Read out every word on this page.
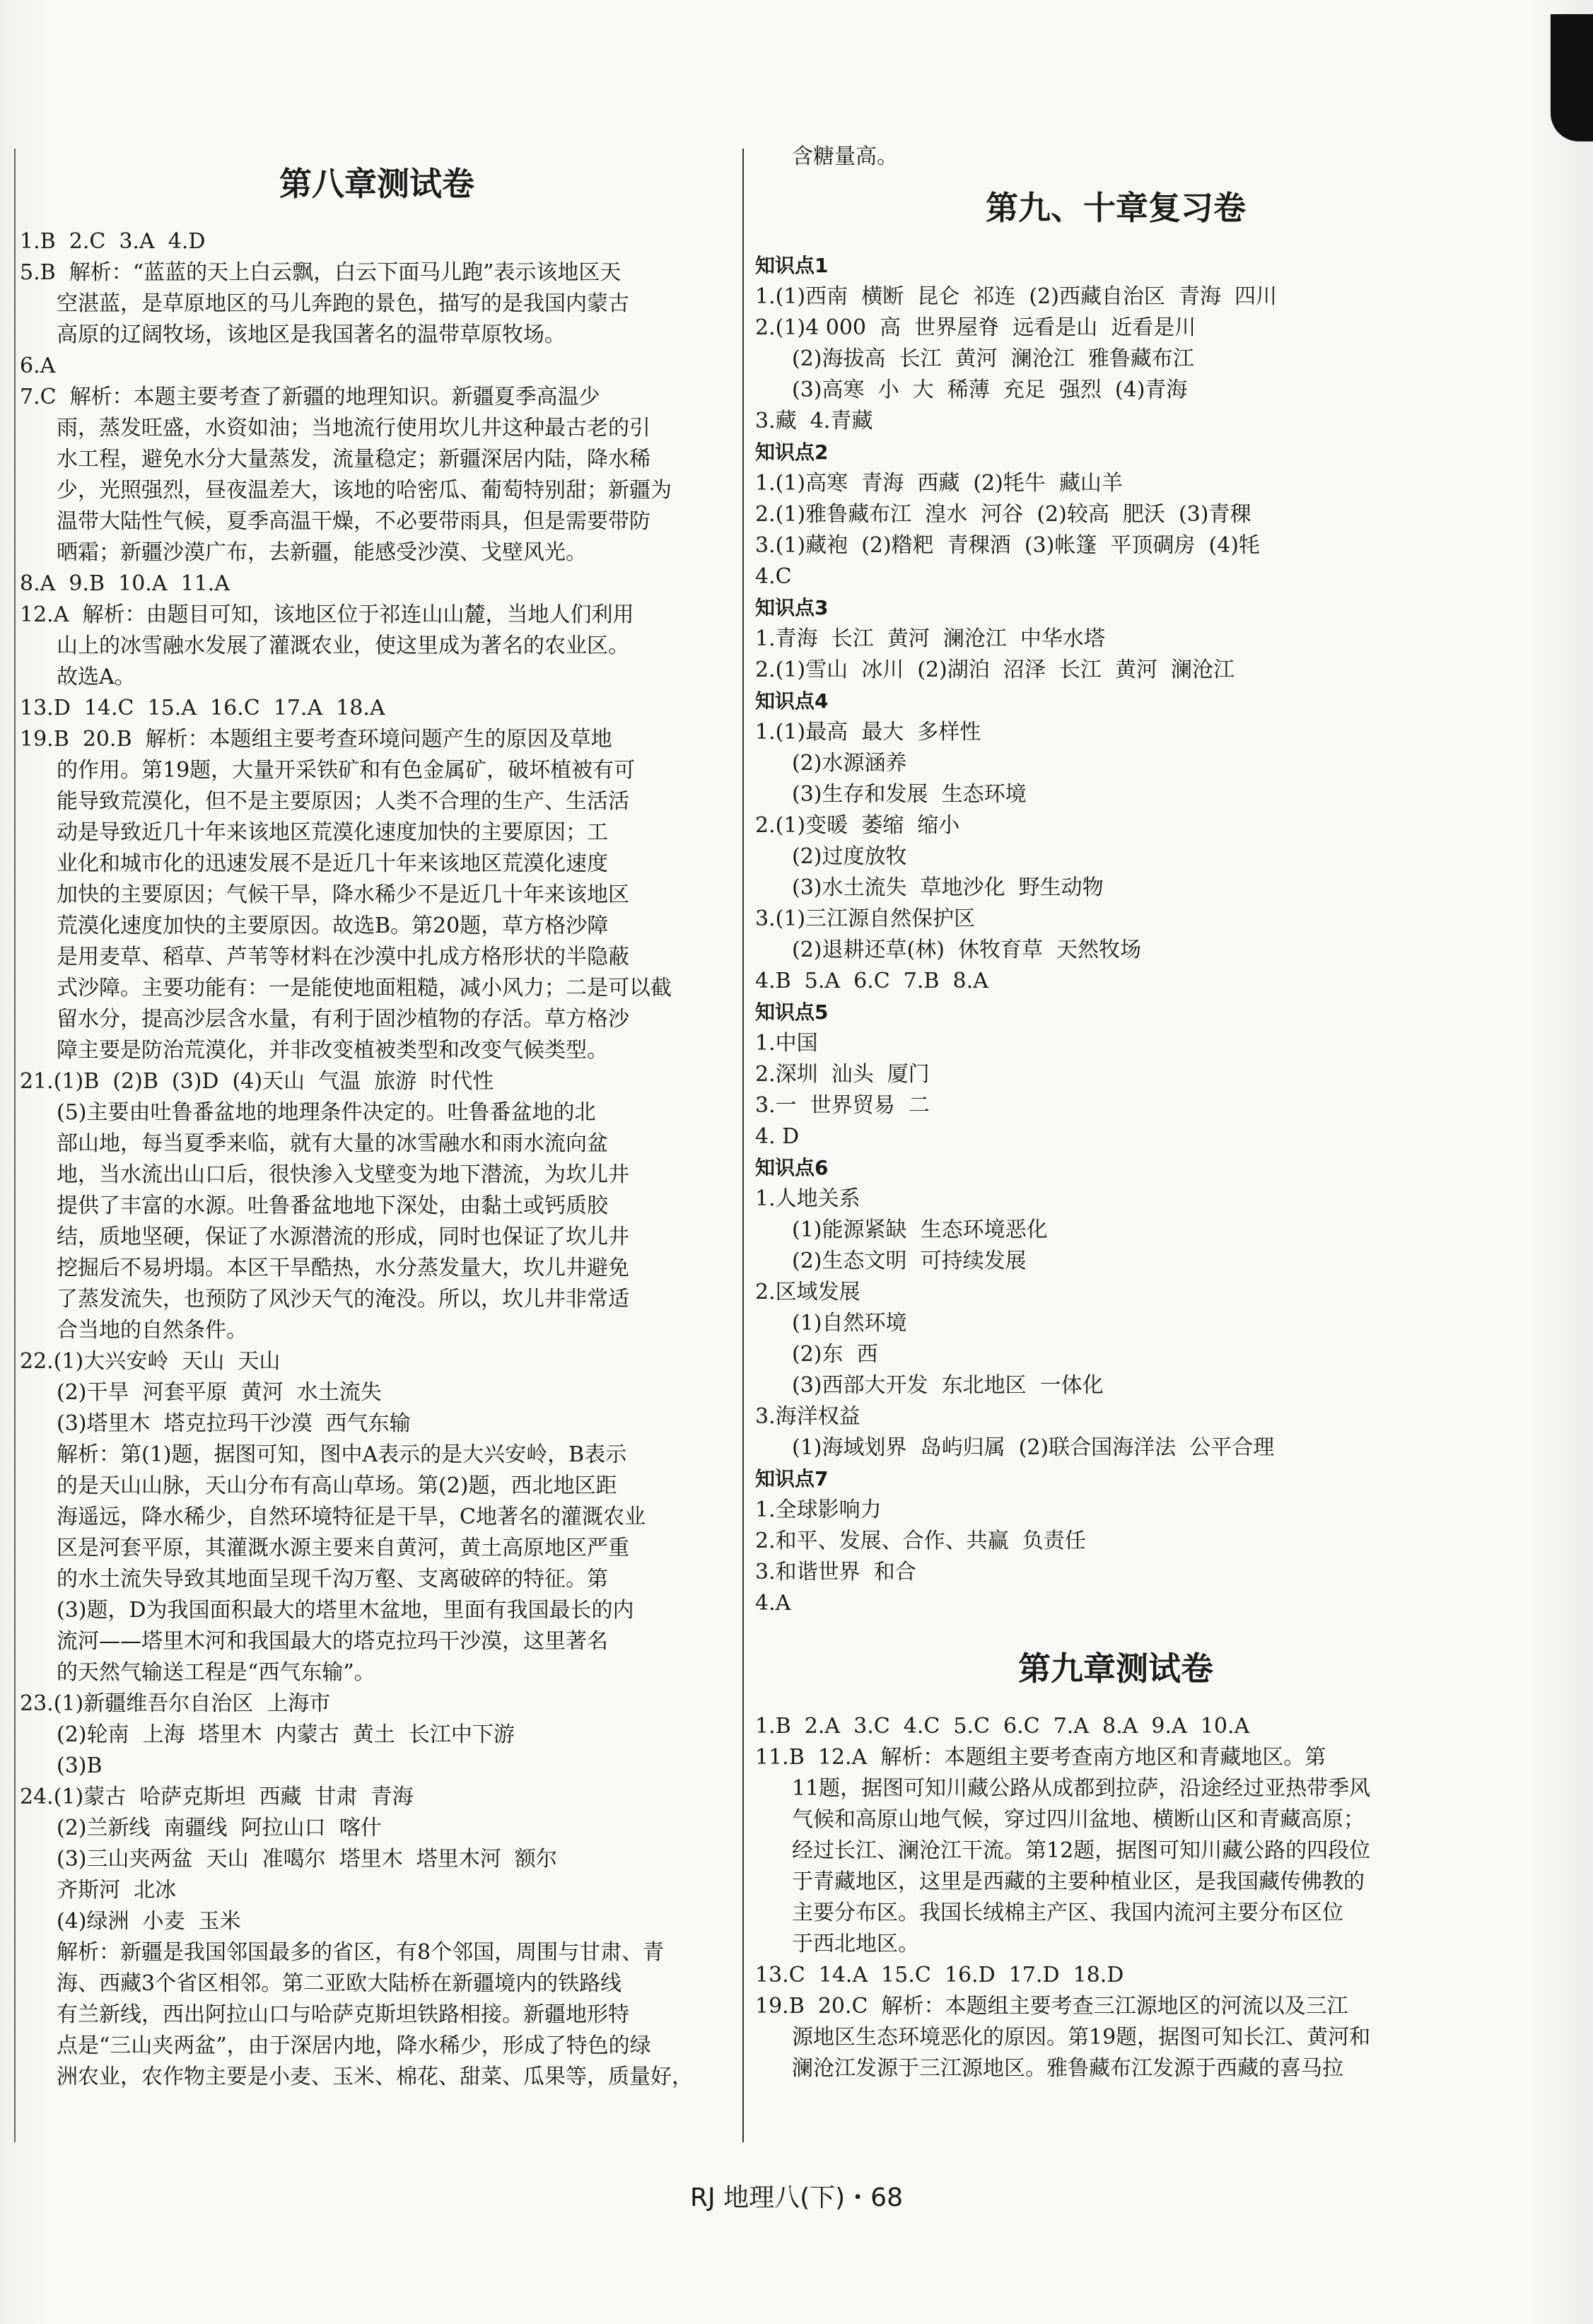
第八章测试卷
1.B  2.C  3.A  4.D
5.B  解析：“蓝蓝的天上白云飘，白云下面马儿跑”表示该地区天
空湛蓝，是草原地区的马儿奔跑的景色，描写的是我国内蒙古
高原的辽阔牧场，该地区是我国著名的温带草原牧场。
6.A
7.C  解析：本题主要考查了新疆的地理知识。新疆夏季高温少
雨，蒸发旺盛，水资如油；当地流行使用坎儿井这种最古老的引
水工程，避免水分大量蒸发，流量稳定；新疆深居内陆，降水稀
少，光照强烈，昼夜温差大，该地的哈密瓜、葡萄特别甜；新疆为
温带大陆性气候，夏季高温干燥，不必要带雨具，但是需要带防
晒霜；新疆沙漠广布，去新疆，能感受沙漠、戈壁风光。
8.A  9.B  10.A  11.A
12.A  解析：由题目可知，该地区位于祁连山山麓，当地人们利用
山上的冰雪融水发展了灌溉农业，使这里成为著名的农业区。
故选A。
13.D  14.C  15.A  16.C  17.A  18.A
19.B  20.B  解析：本题组主要考查环境问题产生的原因及草地
的作用。第19题，大量开采铁矿和有色金属矿，破坏植被有可
能导致荒漠化，但不是主要原因；人类不合理的生产、生活活
动是导致近几十年来该地区荒漠化速度加快的主要原因；工
业化和城市化的迅速发展不是近几十年来该地区荒漠化速度
加快的主要原因；气候干旱，降水稀少不是近几十年来该地区
荒漠化速度加快的主要原因。故选B。第20题，草方格沙障
是用麦草、稻草、芦苇等材料在沙漠中扎成方格形状的半隐蔽
式沙障。主要功能有：一是能使地面粗糙，减小风力；二是可以截
留水分，提高沙层含水量，有利于固沙植物的存活。草方格沙
障主要是防治荒漠化，并非改变植被类型和改变气候类型。
21.(1)B  (2)B  (3)D  (4)天山  气温  旅游  时代性
(5)主要由吐鲁番盆地的地理条件决定的。吐鲁番盆地的北
部山地，每当夏季来临，就有大量的冰雪融水和雨水流向盆
地，当水流出山口后，很快渗入戈壁变为地下潜流，为坎儿井
提供了丰富的水源。吐鲁番盆地地下深处，由黏土或钙质胶
结，质地坚硬，保证了水源潜流的形成，同时也保证了坎儿井
挖掘后不易坍塌。本区干旱酷热，水分蒸发量大，坎儿井避免
了蒸发流失，也预防了风沙天气的淹没。所以，坎儿井非常适
合当地的自然条件。
22.(1)大兴安岭  天山  天山
(2)干旱  河套平原  黄河  水土流失
(3)塔里木  塔克拉玛干沙漠  西气东输
解析：第(1)题，据图可知，图中A表示的是大兴安岭，B表示
的是天山山脉，天山分布有高山草场。第(2)题，西北地区距
海遥远，降水稀少，自然环境特征是干旱，C地著名的灌溉农业
区是河套平原，其灌溉水源主要来自黄河，黄土高原地区严重
的水土流失导致其地面呈现千沟万壑、支离破碎的特征。第
(3)题，D为我国面积最大的塔里木盆地，里面有我国最长的内
流河——塔里木河和我国最大的塔克拉玛干沙漠，这里著名
的天然气输送工程是“西气东输”。
23.(1)新疆维吾尔自治区  上海市
(2)轮南  上海  塔里木  内蒙古  黄土  长江中下游
(3)B
24.(1)蒙古  哈萨克斯坦  西藏  甘肃  青海
(2)兰新线  南疆线  阿拉山口  喀什
(3)三山夹两盆  天山  准噶尔  塔里木  塔里木河  额尔
齐斯河  北冰
(4)绿洲  小麦  玉米
解析：新疆是我国邻国最多的省区，有8个邻国，周围与甘肃、青
海、西藏3个省区相邻。第二亚欧大陆桥在新疆境内的铁路线
有兰新线，西出阿拉山口与哈萨克斯坦铁路相接。新疆地形特
点是“三山夹两盆”，由于深居内地，降水稀少，形成了特色的绿
洲农业，农作物主要是小麦、玉米、棉花、甜菜、瓜果等，质量好，
含糖量高。
第九、十章复习卷
知识点1
1.(1)西南  横断  昆仑  祁连  (2)西藏自治区  青海  四川
2.(1)4 000  高  世界屋脊  远看是山  近看是川
(2)海拔高  长江  黄河  澜沧江  雅鲁藏布江
(3)高寒  小  大  稀薄  充足  强烈  (4)青海
3.藏  4.青藏
知识点2
1.(1)高寒  青海  西藏  (2)牦牛  藏山羊
2.(1)雅鲁藏布江  湟水  河谷  (2)较高  肥沃  (3)青稞
3.(1)藏袍  (2)糌粑  青稞酒  (3)帐篷  平顶碉房  (4)牦
4.C
知识点3
1.青海  长江  黄河  澜沧江  中华水塔
2.(1)雪山  冰川  (2)湖泊  沼泽  长江  黄河  澜沧江
知识点4
1.(1)最高  最大  多样性
(2)水源涵养
(3)生存和发展  生态环境
2.(1)变暖  萎缩  缩小
(2)过度放牧
(3)水土流失  草地沙化  野生动物
3.(1)三江源自然保护区
(2)退耕还草(林)  休牧育草  天然牧场
4.B  5.A  6.C  7.B  8.A
知识点5
1.中国
2.深圳  汕头  厦门
3.一  世界贸易  二
4. D
知识点6
1.人地关系
(1)能源紧缺  生态环境恶化
(2)生态文明  可持续发展
2.区域发展
(1)自然环境
(2)东  西
(3)西部大开发  东北地区  一体化
3.海洋权益
(1)海域划界  岛屿归属  (2)联合国海洋法  公平合理
知识点7
1.全球影响力
2.和平、发展、合作、共赢  负责任
3.和谐世界  和合
4.A
第九章测试卷
1.B  2.A  3.C  4.C  5.C  6.C  7.A  8.A  9.A  10.A
11.B  12.A  解析：本题组主要考查南方地区和青藏地区。第
11题，据图可知川藏公路从成都到拉萨，沿途经过亚热带季风
气候和高原山地气候，穿过四川盆地、横断山区和青藏高原；
经过长江、澜沧江干流。第12题，据图可知川藏公路的四段位
于青藏地区，这里是西藏的主要种植业区，是我国藏传佛教的
主要分布区。我国长绒棉主产区、我国内流河主要分布区位
于西北地区。
13.C  14.A  15.C  16.D  17.D  18.D
19.B  20.C  解析：本题组主要考查三江源地区的河流以及三江
源地区生态环境恶化的原因。第19题，据图可知长江、黄河和
澜沧江发源于三江源地区。雅鲁藏布江发源于西藏的喜马拉
RJ 地理八(下)・68
